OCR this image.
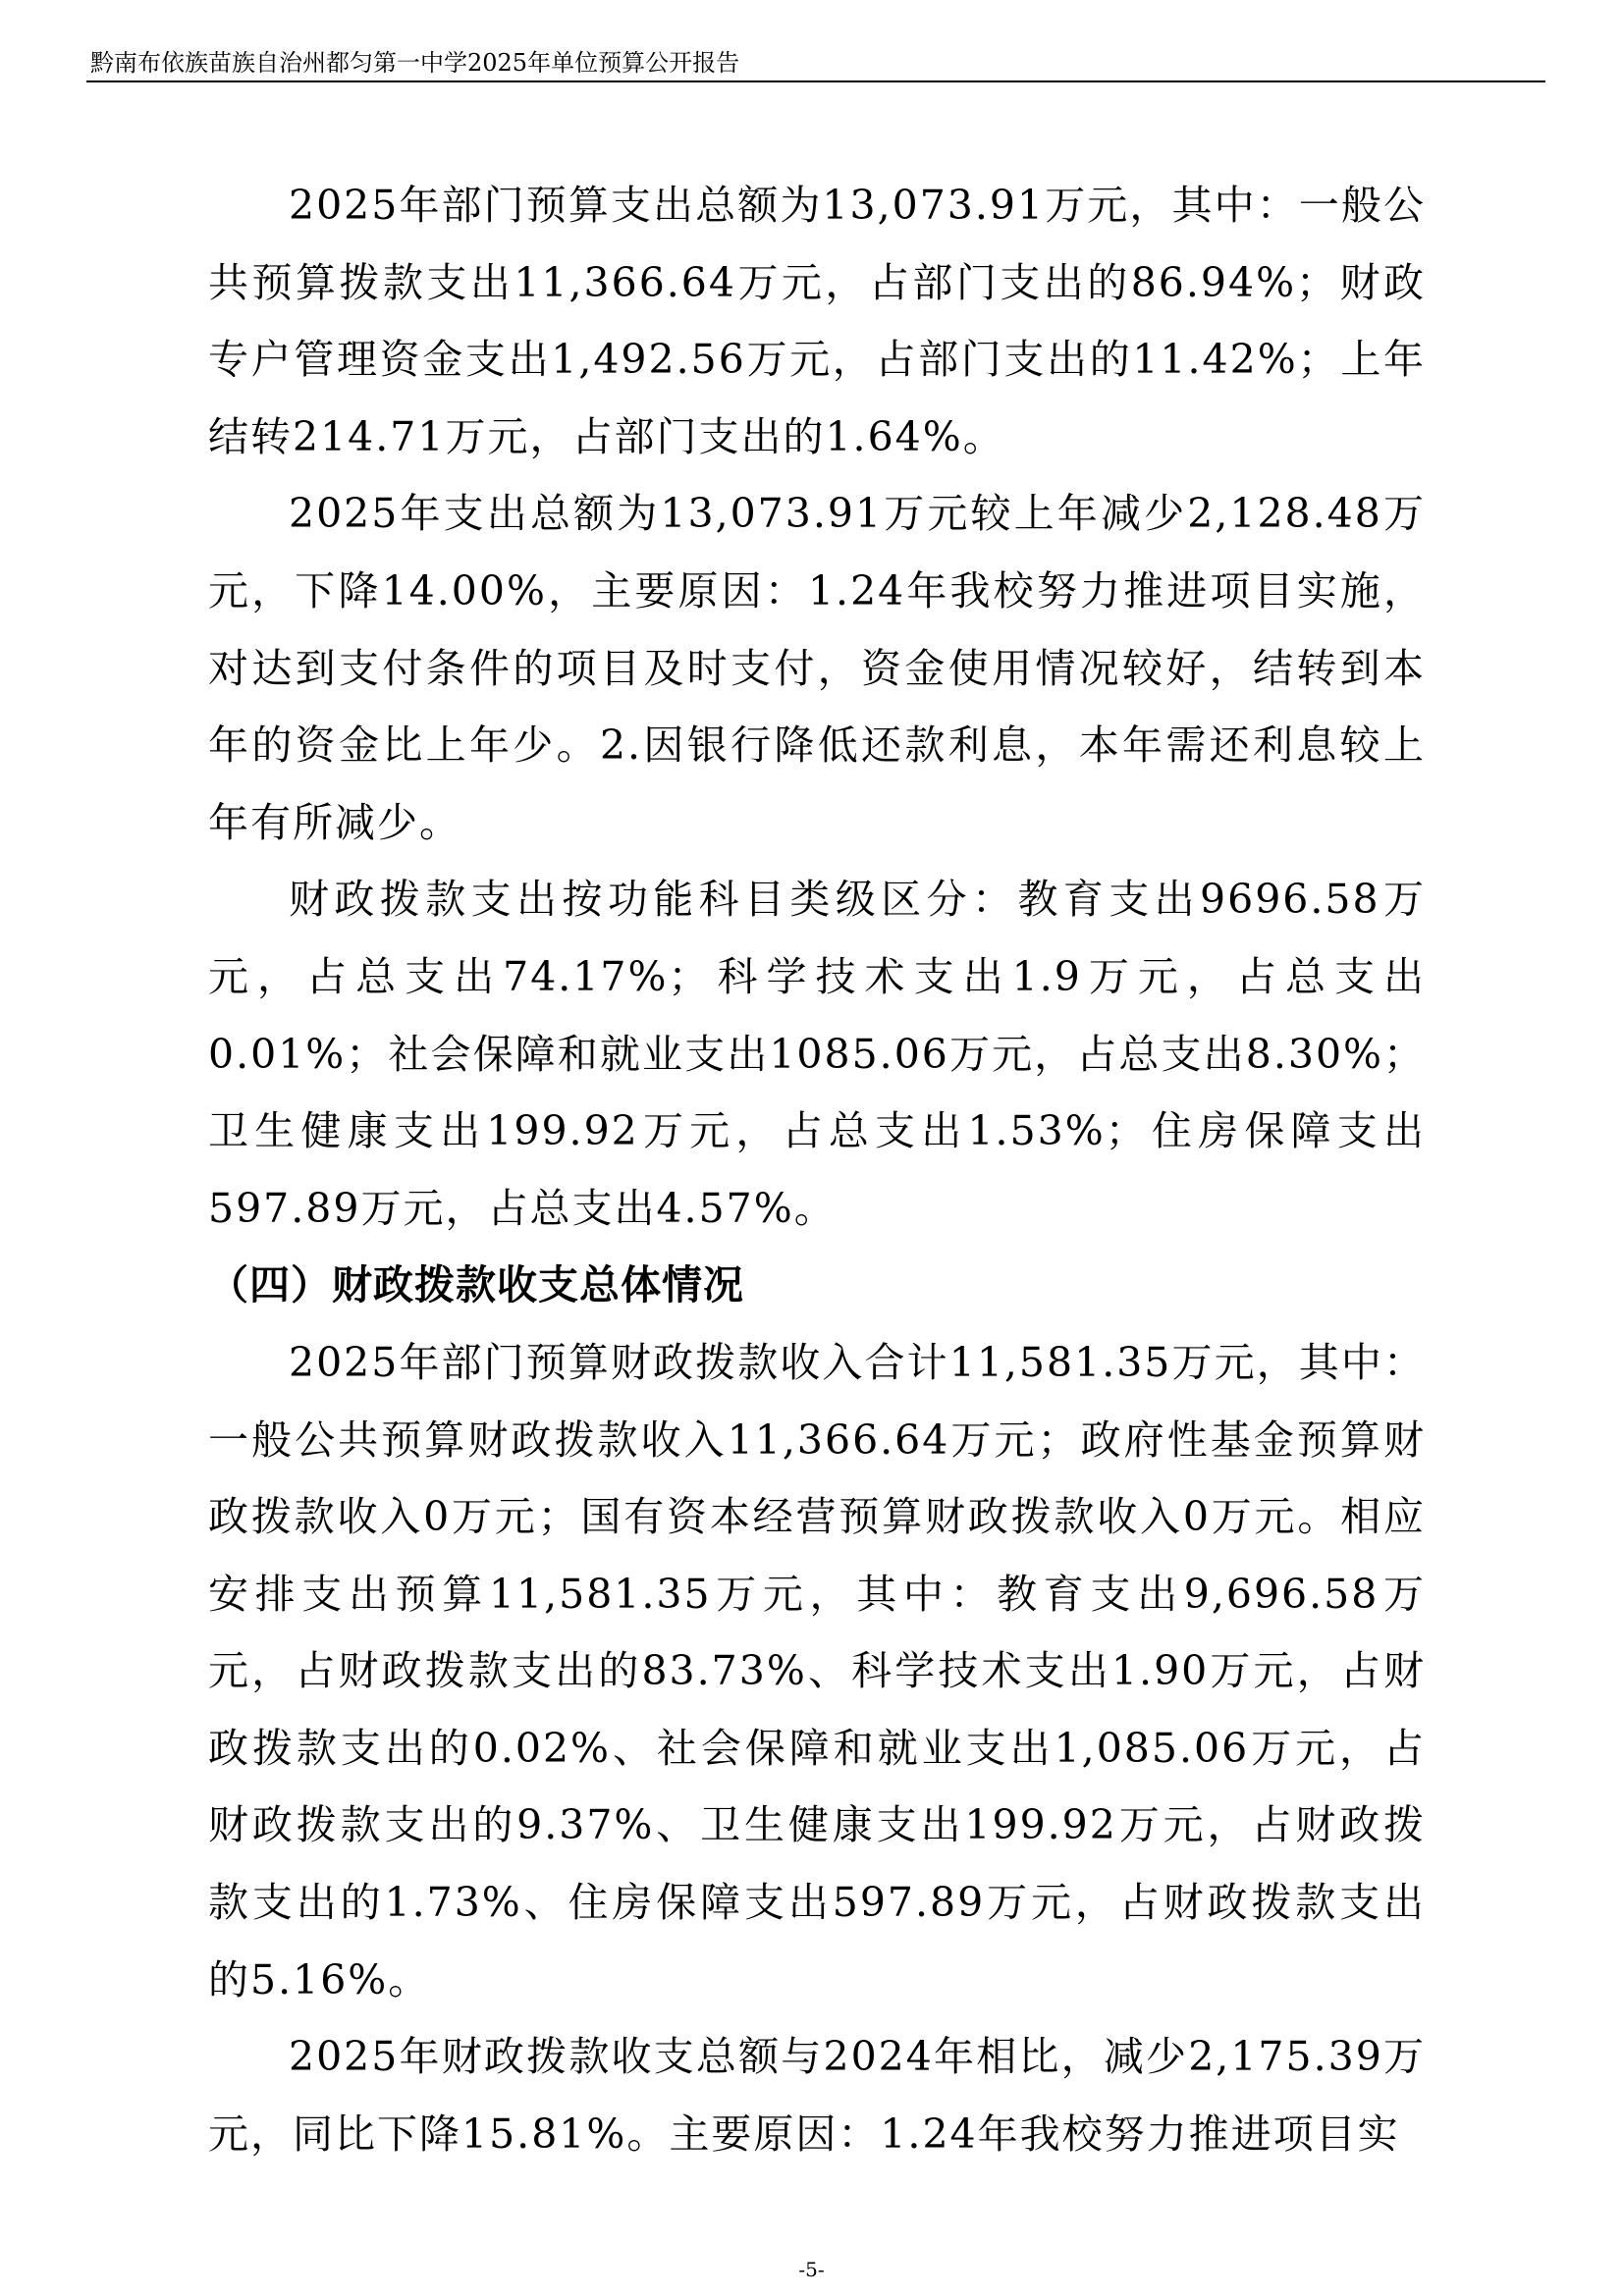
黔南布依族苗族自治州都匀第一中学2025年单位预算公开报告

2025年部门预算支出总额为13,073.91万元，其中：一般公共预算拨款支出11,366.64万元，占部门支出的86.94%；财政专户管理资金支出1,492.56万元，占部门支出的11.42%；上年结转214.71万元，占部门支出的1.64%。

2025年支出总额为13,073.91万元较上年减少2,128.48万元，下降14.00%，主要原因：1.24年我校努力推进项目实施，对达到支付条件的项目及时支付，资金使用情况较好，结转到本年的资金比上年少。2.因银行降低还款利息，本年需还利息较上年有所减少。

财政拨款支出按功能科目类级区分：教育支出9696.58万元，占总支出74.17%；科学技术支出1.9万元，占总支出0.01%；社会保障和就业支出1085.06万元，占总支出8.30%；卫生健康支出199.92万元，占总支出1.53%；住房保障支出597.89万元，占总支出4.57%。

（四）财政拨款收支总体情况

2025年部门预算财政拨款收入合计11,581.35万元，其中：一般公共预算财政拨款收入11,366.64万元；政府性基金预算财政拨款收入0万元；国有资本经营预算财政拨款收入0万元。相应安排支出预算11,581.35万元，其中：教育支出9,696.58万元，占财政拨款支出的83.73%、科学技术支出1.90万元，占财政拨款支出的0.02%、社会保障和就业支出1,085.06万元，占财政拨款支出的9.37%、卫生健康支出199.92万元，占财政拨款支出的1.73%、住房保障支出597.89万元，占财政拨款支出的5.16%。

2025年财政拨款收支总额与2024年相比，减少2,175.39万元，同比下降15.81%。主要原因：1.24年我校努力推进项目实

-5-
